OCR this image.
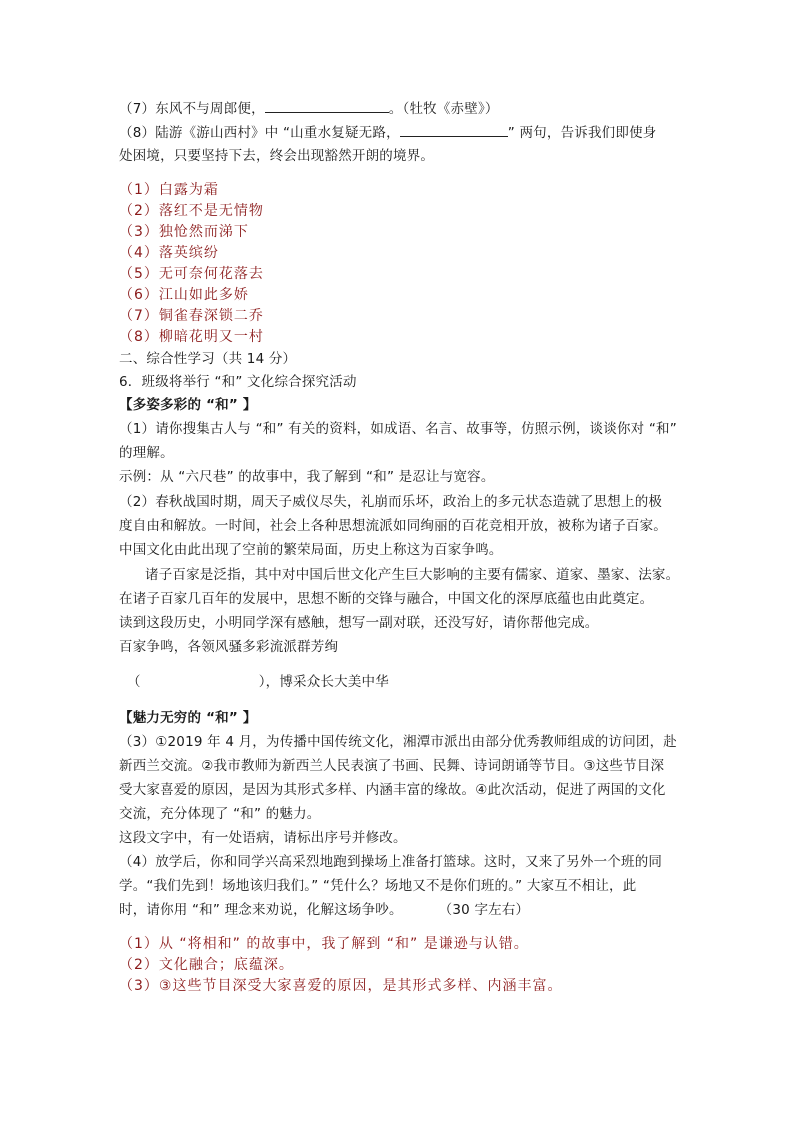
（7）东风不与周郎便，	。（牡牧《赤壁》）
（8）陆游《游山西村》中 “山重水复疑无路，	” 两句，告诉我们即使身
处困境，只要坚持下去，终会出现豁然开朗的境界。
（1）白露为霜
（2）落红不是无情物
（3）独怆然而涕下
（4）落英缤纷
（5）无可奈何花落去
（6）江山如此多娇
（7）铜雀春深锁二乔
（8）柳暗花明又一村
二、综合性学习（共 14 分）
6．班级将举行 “和” 文化综合探究活动
【多姿多彩的 “和” 】
（1）请你搜集古人与 “和” 有关的资料，如成语、名言、故事等，仿照示例，谈谈你对 “和”
的理解。
示例：从 “六尺巷” 的故事中，我了解到 “和” 是忍让与宽容。
（2）春秋战国时期，周天子威仪尽失，礼崩而乐坏，政治上的多元状态造就了思想上的极
度自由和解放。一时间，社会上各种思想流派如同绚丽的百花竞相开放，被称为诸子百家。
中国文化由此出现了空前的繁荣局面，历史上称这为百家争鸣。
诸子百家是泛指，其中对中国后世文化产生巨大影响的主要有儒家、道家、墨家、法家。
在诸子百家几百年的发展中，思想不断的交锋与融合，中国文化的深厚底蕴也由此奠定。
读到这段历史，小明同学深有感触，想写一副对联，还没写好，请你帮他完成。
百家争鸣，各领风骚多彩流派群芳绚
（	），博采众长大美中华
【魅力无穷的 “和” 】
（3）①2019 年 4 月，为传播中国传统文化，湘潭市派出由部分优秀教师组成的访问团，赴
新西兰交流。②我市教师为新西兰人民表演了书画、民舞、诗词朗诵等节目。③这些节目深
受大家喜爱的原因，是因为其形式多样、内涵丰富的缘故。④此次活动，促进了两国的文化
交流，充分体现了 “和” 的魅力。
这段文字中，有一处语病，请标出序号并修改。
（4）放学后，你和同学兴高采烈地跑到操场上准备打篮球。这时，又来了另外一个班的同
学。“我们先到！场地该归我们。” “凭什么？场地又不是你们班的。” 大家互不相让，此
时，请你用 “和” 理念来劝说，化解这场争吵。	（30 字左右）
（1）从 “将相和” 的故事中，我了解到 “和” 是谦逊与认错。
（2）文化融合；底蕴深。
（3）③这些节目深受大家喜爱的原因，是其形式多样、内涵丰富。
